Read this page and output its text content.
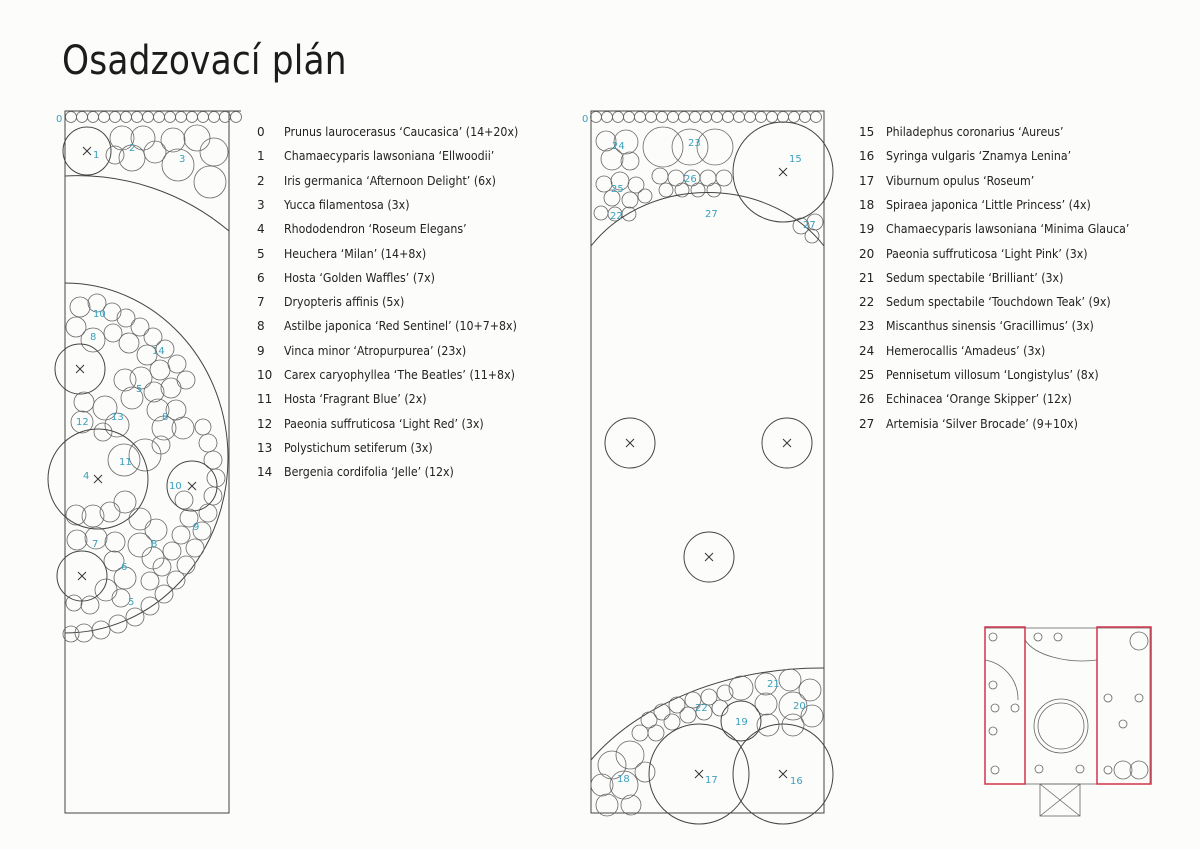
Osadzovací plán
0	Prunus laurocerasus ‘Caucasica’ (14+20x)
1	Chamaecyparis lawsoniana ‘Ellwoodii’
2	Iris germanica ‘Afternoon Delight’ (6x)
3	Yucca filamentosa (3x)
4	Rhododendron ‘Roseum Elegans’
5	Heuchera ‘Milan’ (14+8x)
6	Hosta ‘Golden Waffles’ (7x)
7	Dryopteris affinis (5x)
8	Astilbe japonica ‘Red Sentinel’ (10+7+8x)
9	Vinca minor ‘Atropurpurea’ (23x)
10 Carex caryophyllea ‘The Beatles’ (11+8x)
11 Hosta ‘Fragrant Blue’ (2x)
12 Paeonia suffruticosa ‘Light Red’ (3x)
13 Polystichum setiferum (3x)
14 Bergenia cordifolia ‘Jelle’ (12x)
15 Philadephus coronarius ‘Aureus’
16 Syringa vulgaris ‘Znamya Lenina’
17 Viburnum opulus ‘Roseum’
18 Spiraea japonica ‘Little Princess’ (4x)
19 Chamaecyparis lawsoniana ‘Minima Glauca’
20 Paeonia suffruticosa ‘Light Pink’ (3x)
21 Sedum spectabile ‘Brilliant’ (3x)
22 Sedum spectabile ‘Touchdown Teak’ (9x)
23 Miscanthus sinensis ‘Gracillimus’ (3x)
24 Hemerocallis ‘Amadeus’ (3x)
25 Pennisetum villosum ‘Longistylus’ (8x)
26 Echinacea ‘Orange Skipper’ (12x)
27 Artemisia ‘Silver Brocade’ (9+10x)
0
1
2
3
10
8
14
5
12 13	8
11
4
10
9
7	8
6
5
0
24	23
15
25
26
27
22
27
21
20
22
19
18	17	16
